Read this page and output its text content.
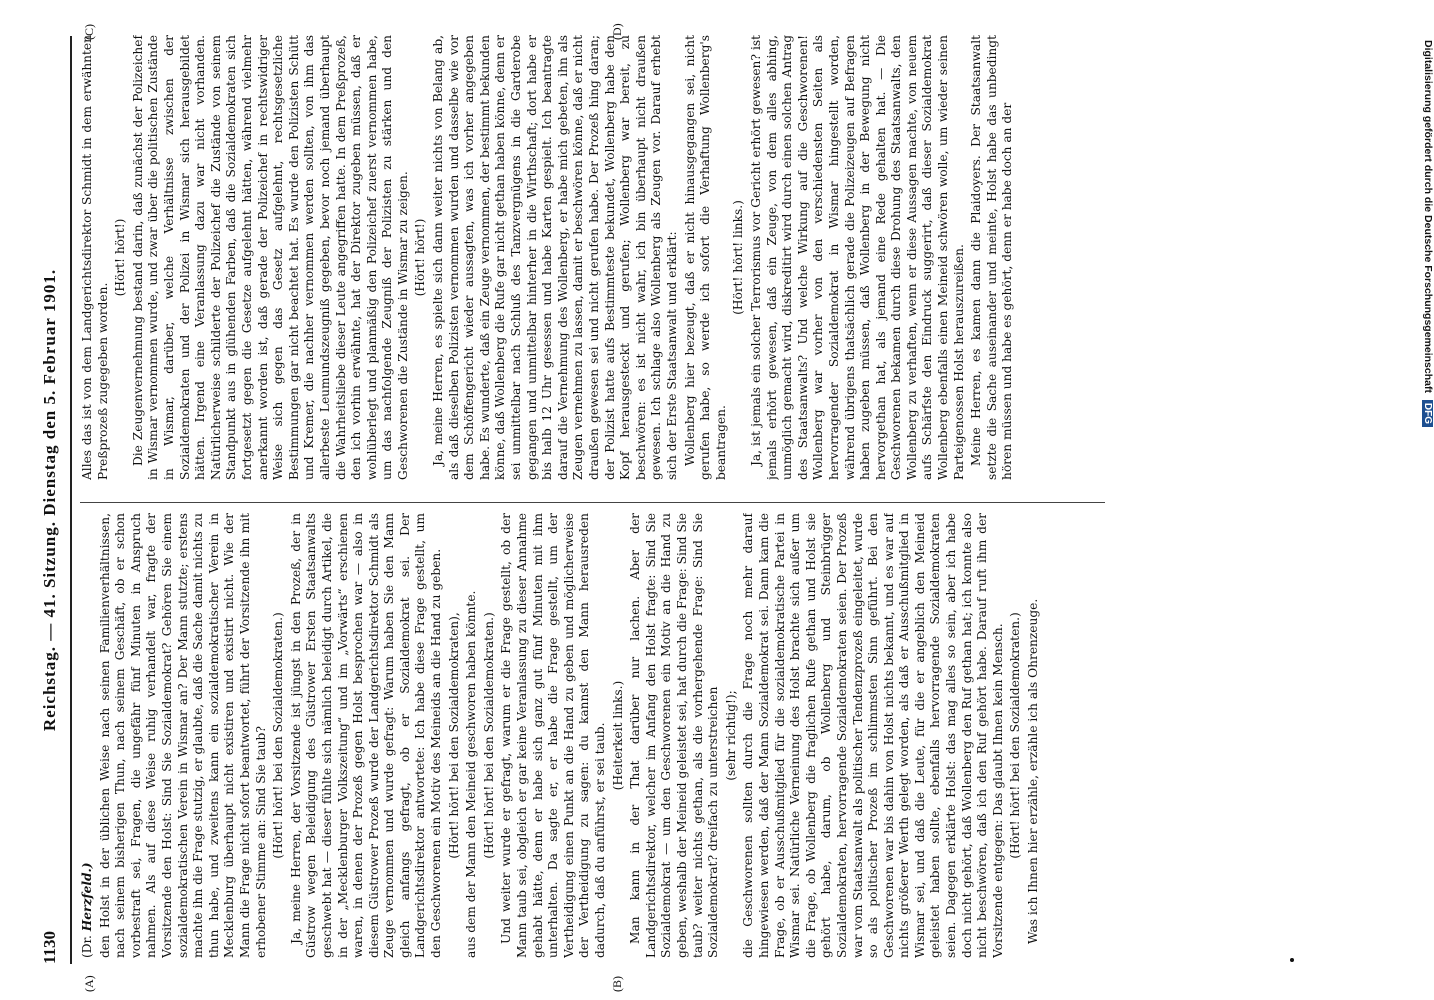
1130
Reichstag. — 41. Sitzung. Dienstag den 5. Februar 1901.
(A)	(B)
(C)	(D)

(Dr. Herzfeld.) den Holst in der üblichen Weise nach seinen Familienverhältnissen, nach seinem bisherigen Thun, nach seinem Geschäft, ob er schon vorbestraft sei, Fragen, die ungefähr fünf Minuten in Anspruch nahmen. Als auf diese Weise ruhig verhandelt war, fragte der Vorsitzende den Holst: Sind Sie Sozialdemokrat? Gehören Sie einem sozialdemokratischen Verein in Wismar an? Der Mann stutzte; erstens machte ihn die Frage stutzig, er glaubte, daß die Sache damit nichts zu thun habe, und zweitens kann ein sozialdemokratischer Verein in Mecklenburg überhaupt nicht existiren und existirt nicht. Wie der Mann die Frage nicht sofort beantwortet, führt der Vorsitzende ihn mit erhobener Stimme an: Sind Sie taub? (Hört! hört! bei den Sozialdemokraten.) Ja, meine Herren, der Vorsitzende ist jüngst in den Prozeß, der in Güstrow wegen Beleidigung des Güstrower Ersten Staatsanwalts geschwebt hat — dieser fühlte sich nämlich beleidigt durch Artikel, die in der „Mecklenburger Volkszeitung“ und im „Vorwärts“ erschienen waren, in denen der Prozeß gegen Holst besprochen war — also in diesem Güstrower Prozeß wurde der Landgerichtsdirektor Schmidt als Zeuge vernommen und wurde gefragt: Warum haben Sie den Mann gleich anfangs gefragt, ob er Sozialdemokrat sei. Der Landgerichtsdirektor antwortete: Ich habe diese Frage gestellt, um den Geschworenen ein Motiv des Meineids an die Hand zu geben. (Hört! hört! bei den Sozialdemokraten), aus dem der Mann den Meineid geschworen haben könnte. (Hört! hört! bei den Sozialdemokraten.) Und weiter wurde er gefragt, warum er die Frage gestellt, ob der Mann taub sei, obgleich er gar keine Veranlassung zu dieser Annahme gehabt hätte, denn er habe sich ganz gut fünf Minuten mit ihm unterhalten. Da sagte er, er habe die Frage gestellt, um der Vertheidigung einen Punkt an die Hand zu geben und möglicherweise der Vertheidigung zu sagen: du kannst den Mann herausreden dadurch, daß du anführst, er sei taub. (Heiterkeit links.) Man kann in der That darüber nur lachen. Aber der Landgerichtsdirektor, welcher im Anfang den Holst fragte: Sind Sie Sozialdemokrat — um den Geschworenen ein Motiv an die Hand zu geben, weshalb der Meineid geleistet sei, hat durch die Frage: Sind Sie taub? weiter nichts gethan, als die vorhergehende Frage: Sind Sie Sozialdemokrat? dreifach zu unterstreichen (sehr richtig!); die Geschworenen sollten durch die Frage noch mehr darauf hingewiesen werden, daß der Mann Sozialdemokrat sei. Dann kam die Frage, ob er Ausschußmitglied für die sozialdemokratische Partei in Wismar sei. Natürliche Verneinung des Holst brachte sich außer um die Frage, ob Wollenberg die fraglichen Rufe gethan und Holst sie gehört habe, darum, ob Wollenberg und Steinbrügger Sozialdemokraten, hervorragende Sozialdemokraten seien. Der Prozeß war vom Staatsanwalt als politischer Tendenzprozeß eingeleitet, wurde so als politischer Prozeß im schlimmsten Sinn geführt. Bei den Geschworenen war bis dahin von Holst nichts bekannt, und es war auf nichts größerer Werth gelegt worden, als daß er Ausschußmitglied in Wismar sei, und daß die Leute, für die er angeblich den Meineid geleistet haben sollte, ebenfalls hervorragende Sozialdemokraten seien. Dagegen erklärte Holst: das mag alles so sein, aber ich habe doch nicht gehört, daß Wollenberg den Ruf gethan hat; ich konnte also nicht beschwören, daß ich den Ruf gehört habe. Darauf ruft ihm der Vorsitzende entgegen: Das glaubt Ihnen kein Mensch. (Hört! hört! bei den Sozialdemokraten.) Was ich Ihnen hier erzähle, erzähle ich als Ohrenzeuge.

Alles das ist von dem Landgerichtsdirektor Schmidt in dem erwähnten Preßprozeß zugegeben worden.

(Hört! hört!) Die Zeugenvernehmung bestand darin, daß zunächst der Polizeichef in Wismar vernommen wurde, und zwar über die politischen Zustände in Wismar, darüber, welche Verhältnisse zwischen der Sozialdemokraten und der Polizei in Wismar sich herausgebildet hätten. Irgend eine Veranlassung dazu war nicht vorhanden. Natürlicherweise schilderte der Polizeichef die Zustände von seinem Standpunkt aus in glühenden Farben, daß die Sozialdemokraten sich fortgesetzt gegen die Gesetze aufgelehnt hätten, während vielmehr anerkannt worden ist, daß gerade der Polizeichef in rechtswidriger Weise sich gegen das Gesetz aufgelehnt, rechtsgesetzliche Bestimmungen gar nicht beachtet hat. Es wurde den Polizisten Schütt und Kremer, die nachher vernommen werden sollten, von ihm das allerbeste Leumundszeugniß gegeben, bevor noch jemand überhaupt die Wahrheitsliebe dieser Leute angegriffen hatte. In dem Preßprozeß, den ich vorhin erwähnte, hat der Direktor zugeben müssen, daß er wohlüberlegt und planmäßig den Polizeichef zuerst vernommen habe, um das nachfolgende Zeugniß der Polizisten zu stärken und den Geschworenen die Zustände in Wismar zu zeigen. (Hört! hört!) Ja, meine Herren, es spielte sich dann weiter nichts von Belang ab, als daß dieselben Polizisten vernommen wurden und dasselbe wie vor dem Schöffengericht wieder aussagten, was ich vorher angegeben habe. Es wunderte, daß ein Zeuge vernommen, der bestimmt bekunden könne, daß Wollenberg die Rufe gar nicht gethan haben könne, denn er sei unmittelbar nach Schluß des Tanzvergnügens in die Garderobe gegangen und unmittelbar hinterher in die Wirthschaft; dort habe er bis halb 12 Uhr gesessen und habe Karten gespielt. Ich beantragte darauf die Vernehmung des Wollenberg, er habe mich gebeten, ihn als Zeugen vernehmen zu lassen, damit er beschwören könne, daß er nicht draußen gewesen sei und nicht gerufen habe. Der Prozeß hing daran; der Polizist hatte aufs Bestimmteste bekundet, Wollenberg habe den Kopf herausgesteckt und gerufen; Wollenberg war bereit, zu beschwören: es ist nicht wahr, ich bin überhaupt nicht draußen gewesen. Ich schlage also Wollenberg als Zeugen vor. Darauf erhebt sich der Erste Staatsanwalt und erklärt: Wollenberg hier bezeugt, daß er nicht hinausgegangen sei, nicht gerufen habe, so werde ich sofort die Verhaftung Wollenberg's beantragen.

(Hört! hört! links.) Ja, ist jemals ein solcher Terrorismus vor Gericht erhört gewesen? ist jemals erhört gewesen, daß ein Zeuge, von dem alles abhing, unmöglich gemacht wird, diskreditirt wird durch einen solchen Antrag des Staatsanwalts? Und welche Wirkung auf die Geschworenen! Wollenberg war vorher von den verschiedensten Seiten als hervorragender Sozialdemokrat in Wismar hingestellt worden, während übrigens thatsächlich gerade die Polizeizeugen auf Befragen haben zugeben müssen, daß Wollenberg in der Bewegung nicht hervorgethan hat, als jemand eine Rede gehalten hat. — Die Geschworenen bekamen durch diese Drohung des Staatsanwalts, den Wollenberg zu verhaften, wenn er diese Aussagen machte, von neuem aufs Schärfste den Eindruck suggerirt, daß dieser Sozialdemokrat Wollenberg ebenfalls einen Meineid schwören wolle, um wieder seinen Parteigenossen Holst herauszureißen. Meine Herren, es kamen dann die Plaidoyers. Der Staatsanwalt setzte die Sache auseinander und meinte, Holst habe das unbedingt hören müssen und habe es gehört, denn er habe doch an der	Digitalisierung gefördert durch die Deutsche Forschungsgemeinschaft DFG
